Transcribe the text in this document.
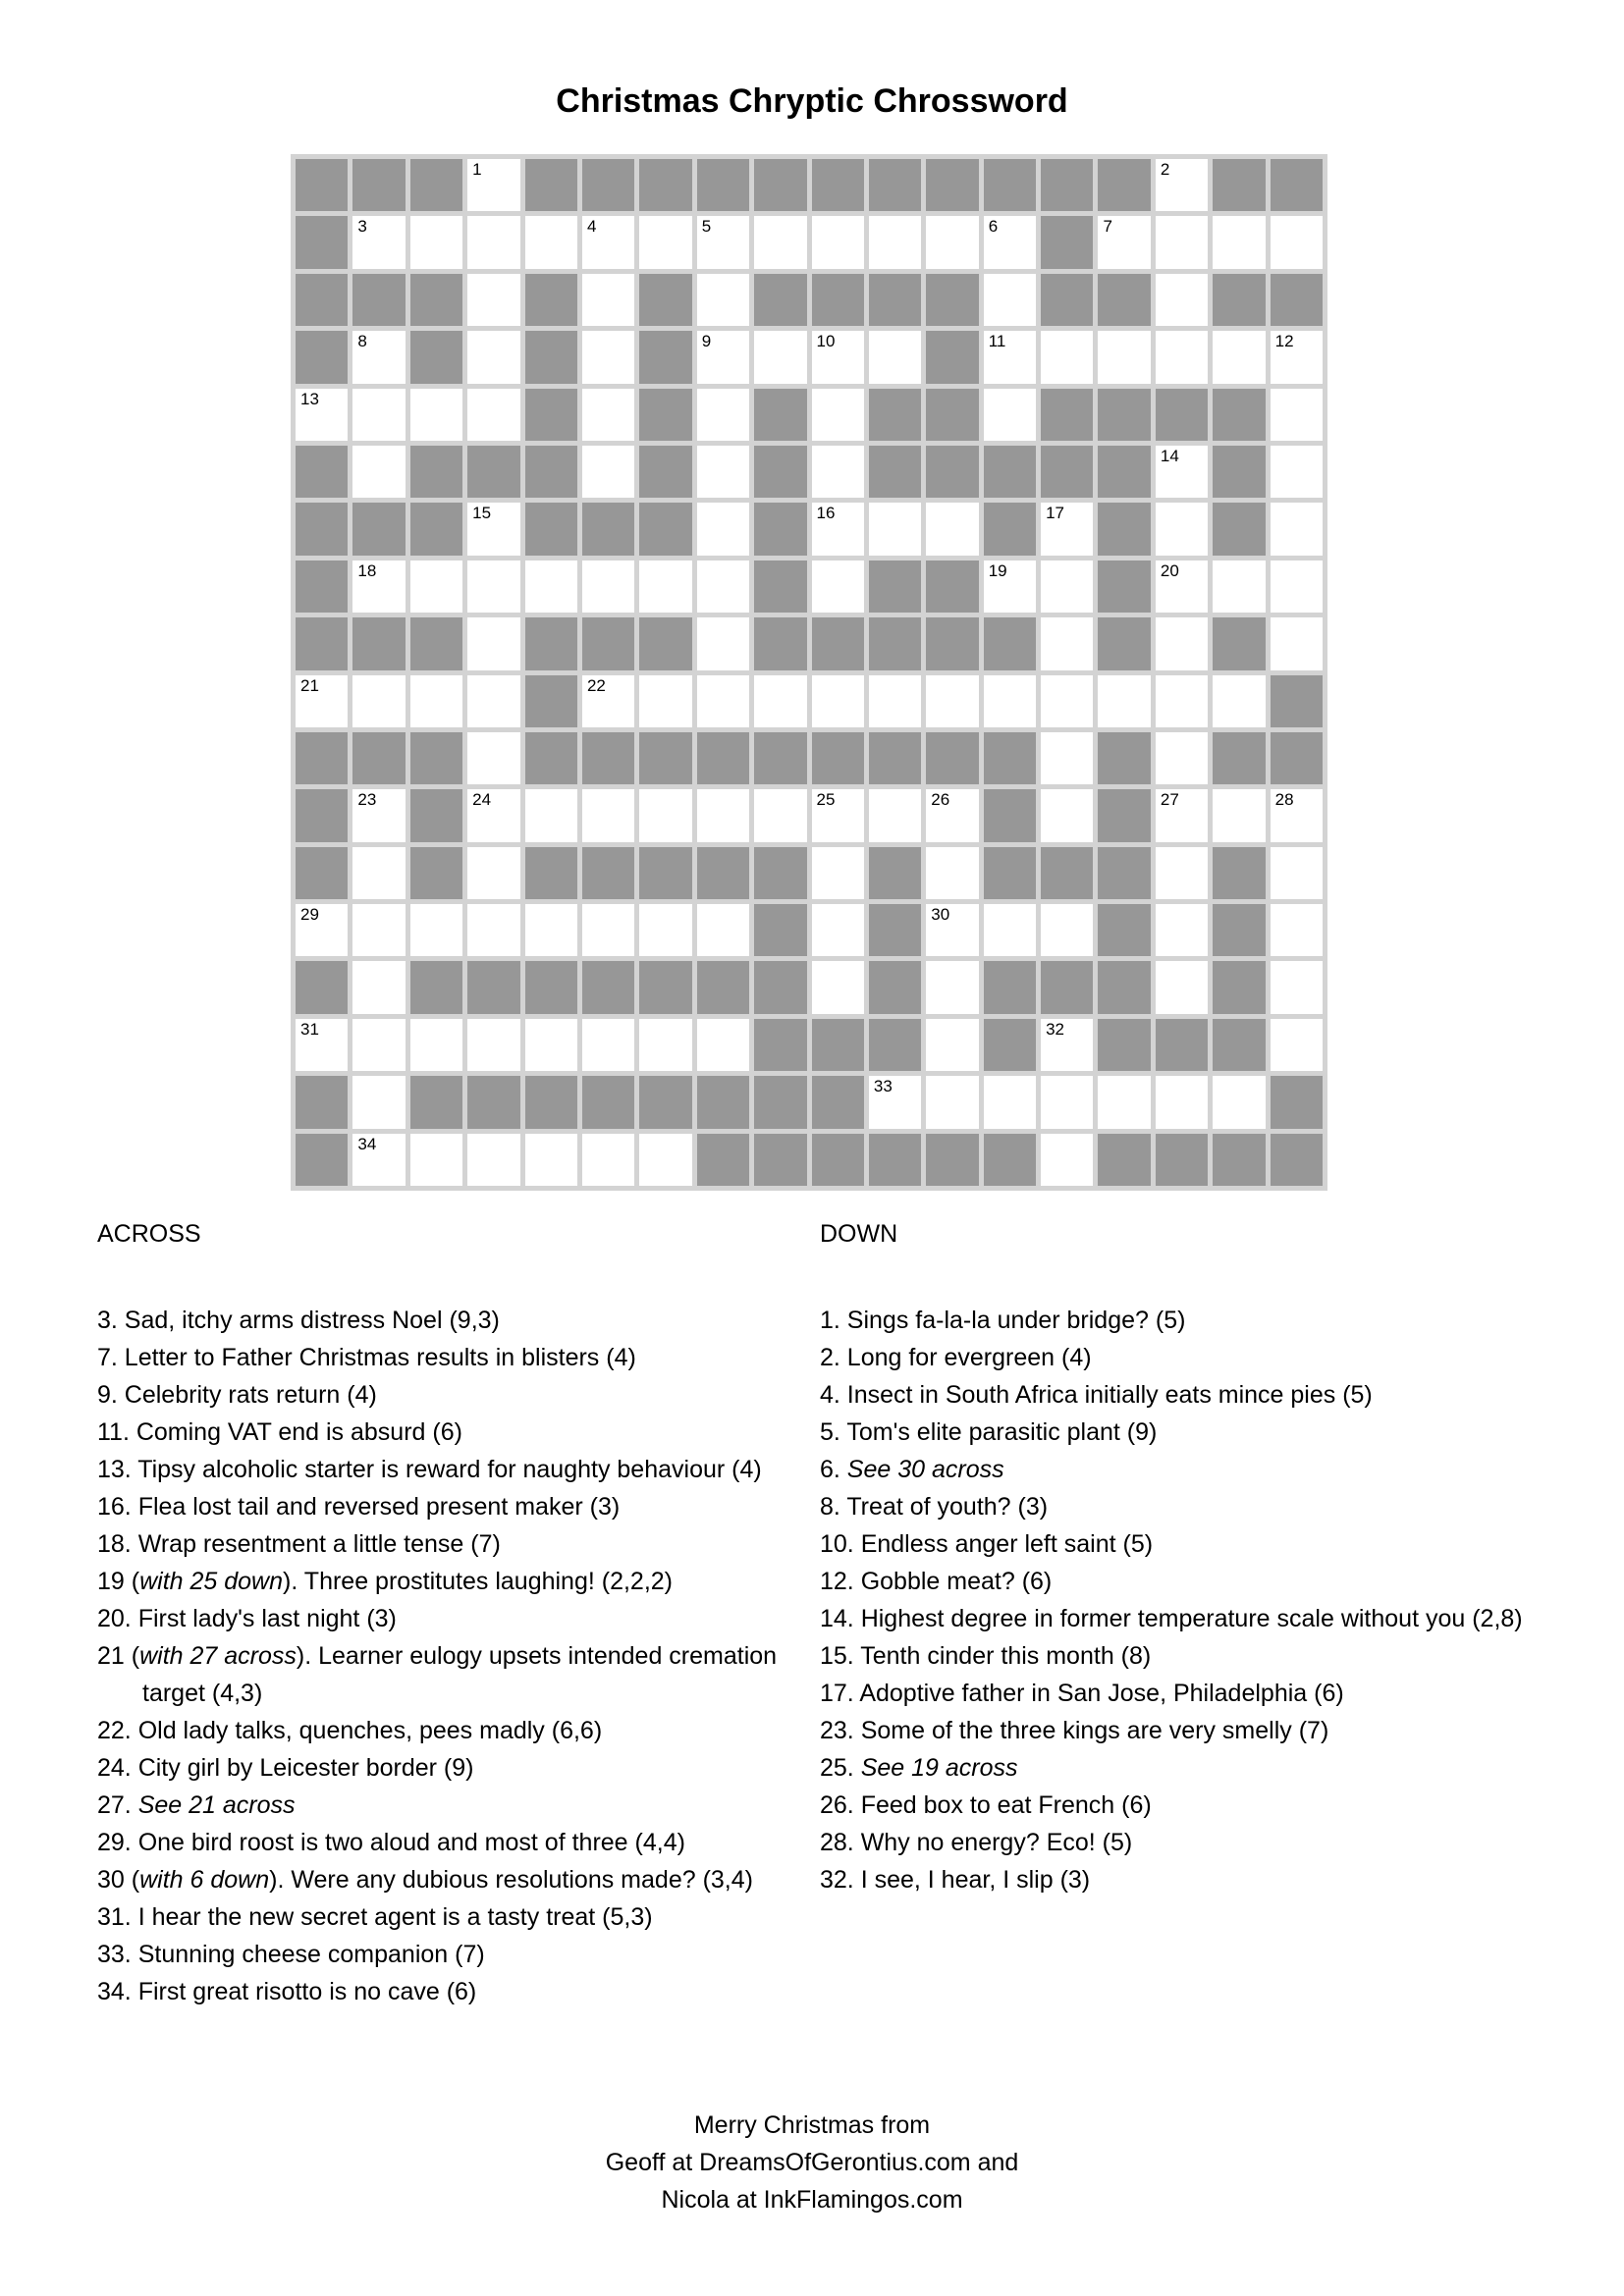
Christmas Chryptic Chrossword
1	2
3	4	5	6	7
8	9	10	11	12
13
14
15	16	17
18	19	20
21	22
23	24	25	26	27	28
29	30
31	32
33
34
ACROSS
3. Sad, itchy arms distress Noel (9,3)
7. Letter to Father Christmas results in blisters (4)
9. Celebrity rats return (4)
11. Coming VAT end is absurd (6)
13. Tipsy alcoholic starter is reward for naughty behaviour (4)
16. Flea lost tail and reversed present maker (3)
18. Wrap resentment a little tense (7)
19 (with 25 down). Three prostitutes laughing! (2,2,2)
20. First lady's last night (3)
21 (with 27 across). Learner eulogy upsets intended cremation target (4,3)
22. Old lady talks, quenches, pees madly (6,6)
24. City girl by Leicester border (9)
27. See 21 across
29. One bird roost is two aloud and most of three (4,4)
30 (with 6 down). Were any dubious resolutions made? (3,4)
31. I hear the new secret agent is a tasty treat (5,3)
33. Stunning cheese companion (7)
34. First great risotto is no cave (6)
DOWN
1. Sings fa-la-la under bridge? (5)
2. Long for evergreen (4)
4. Insect in South Africa initially eats mince pies (5)
5. Tom's elite parasitic plant (9)
6. See 30 across
8. Treat of youth? (3)
10. Endless anger left saint (5)
12. Gobble meat? (6)
14. Highest degree in former temperature scale without you (2,8)
15. Tenth cinder this month (8)
17. Adoptive father in San Jose, Philadelphia (6)
23. Some of the three kings are very smelly (7)
25. See 19 across
26. Feed box to eat French (6)
28. Why no energy? Eco! (5)
32. I see, I hear, I slip (3)
Merry Christmas from
Geoff at DreamsOfGerontius.com and
Nicola at InkFlamingos.com
